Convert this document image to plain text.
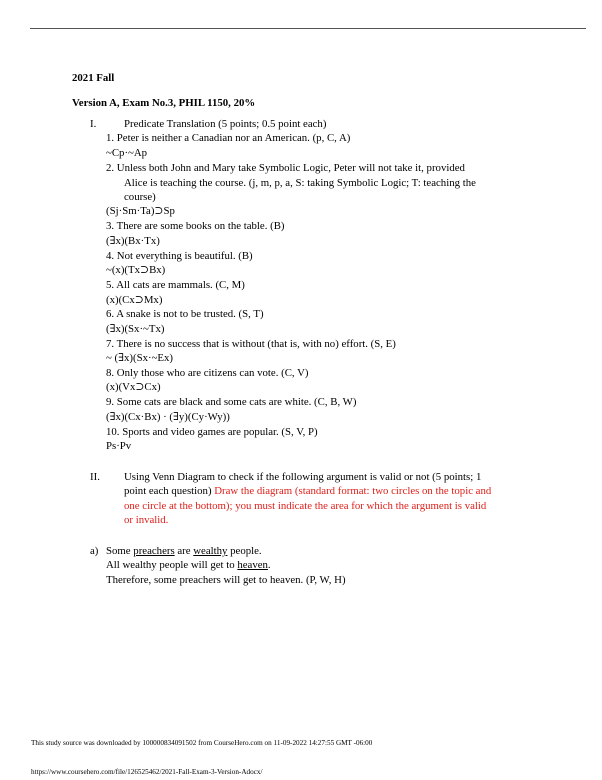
2021 Fall
Version A, Exam No.3, PHIL 1150, 20%
I.	Predicate Translation (5 points; 0.5 point each)
1. Peter is neither a Canadian nor an American. (p, C, A)
~Cp·~Ap
2. Unless both John and Mary take Symbolic Logic, Peter will not take it, provided
Alice is teaching the course. (j, m, p, a, S: taking Symbolic Logic; T: teaching the
course)
(Sj·Sm·Ta)⊃Sp
3. There are some books on the table. (B)
(∃x)(Bx·Tx)
4. Not everything is beautiful. (B)
~(x)(Tx⊃Bx)
5. All cats are mammals. (C, M)
(x)(Cx⊃Mx)
6. A snake is not to be trusted. (S, T)
(∃x)(Sx·~Tx)
7. There is no success that is without (that is, with no) effort. (S, E)
~ (∃x)(Sx·~Ex)
8. Only those who are citizens can vote. (C, V)
(x)(Vx⊃Cx)
9. Some cats are black and some cats are white. (C, B, W)
(∃x)(Cx·Bx) · (∃y)(Cy·Wy))
10. Sports and video games are popular. (S, V, P)
Ps·Pv
II. Using Venn Diagram to check if the following argument is valid or not (5 points; 1
point each question) Draw the diagram (standard format: two circles on the topic and
one circle at the bottom); you must indicate the area for which the argument is valid
or invalid.
a) Some preachers are wealthy people.
All wealthy people will get to heaven.
Therefore, some preachers will get to heaven. (P, W, H)
This study source was downloaded by 100000834091502 from CourseHero.com on 11-09-2022 14:27:55 GMT -06:00
https://www.coursehero.com/file/126525462/2021-Fall-Exam-3-Version-Adocx/
